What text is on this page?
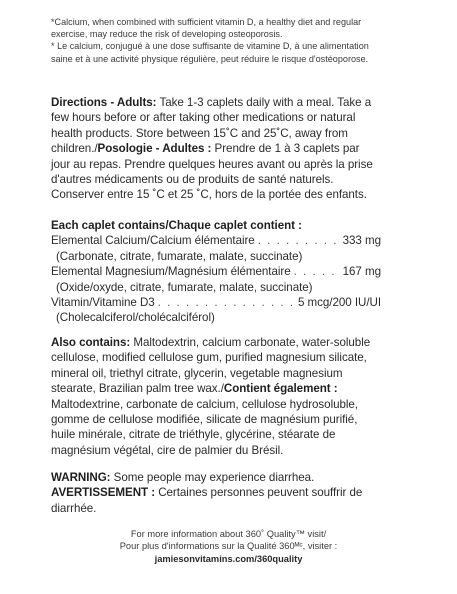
*Calcium, when combined with sufficient vitamin D, a healthy diet and regular exercise, may reduce the risk of developing osteoporosis.

* Le calcium, conjugué à une dose suffisante de vitamine D, à une alimentation saine et à une activité physique régulière, peut réduire le risque d'ostéoporose.

Directions - Adults: Take 1-3 caplets daily with a meal. Take a few hours before or after taking other medications or natural health products. Store between 15˚C and 25˚C, away from children./Posologie - Adultes : Prendre de 1 à 3 caplets par jour au repas. Prendre quelques heures avant ou après la prise d'autres médicaments ou de produits de santé naturels. Conserver entre 15 ˚C et 25 ˚C, hors de la portée des enfants.

Each caplet contains/Chaque caplet contient :

Elemental Calcium/Calcium élémentaire . . .	333 mg

(Carbonate, citrate, fumarate, malate, succinate)

Elemental Magnesium/Magnésium élémentaire . . .	167 mg

(Oxide/oxyde, citrate, fumarate, malate, succinate)

Vitamin/Vitamine D3 . . .	5 mcg/200 IU/UI

(Cholecalciferol/cholécalciférol)

Also contains: Maltodextrin, calcium carbonate, water-soluble cellulose, modified cellulose gum, purified magnesium silicate, mineral oil, triethyl citrate, glycerin, vegetable magnesium stearate, Brazilian palm tree wax./Contient également : Maltodextrine, carbonate de calcium, cellulose hydrosoluble, gomme de cellulose modifiée, silicate de magnésium purifié, huile minérale, citrate de triéthyle, glycérine, stéarate de magnésium végétal, cire de palmier du Brésil.

WARNING: Some people may experience diarrhea.

AVERTISSEMENT : Certaines personnes peuvent souffrir de diarrhée.

For more information about 360˚ Quality™ visit/

Pour plus d'informations sur la Qualité 360ᴹᶜ, visiter :

jamiesonvitamins.com/360quality
